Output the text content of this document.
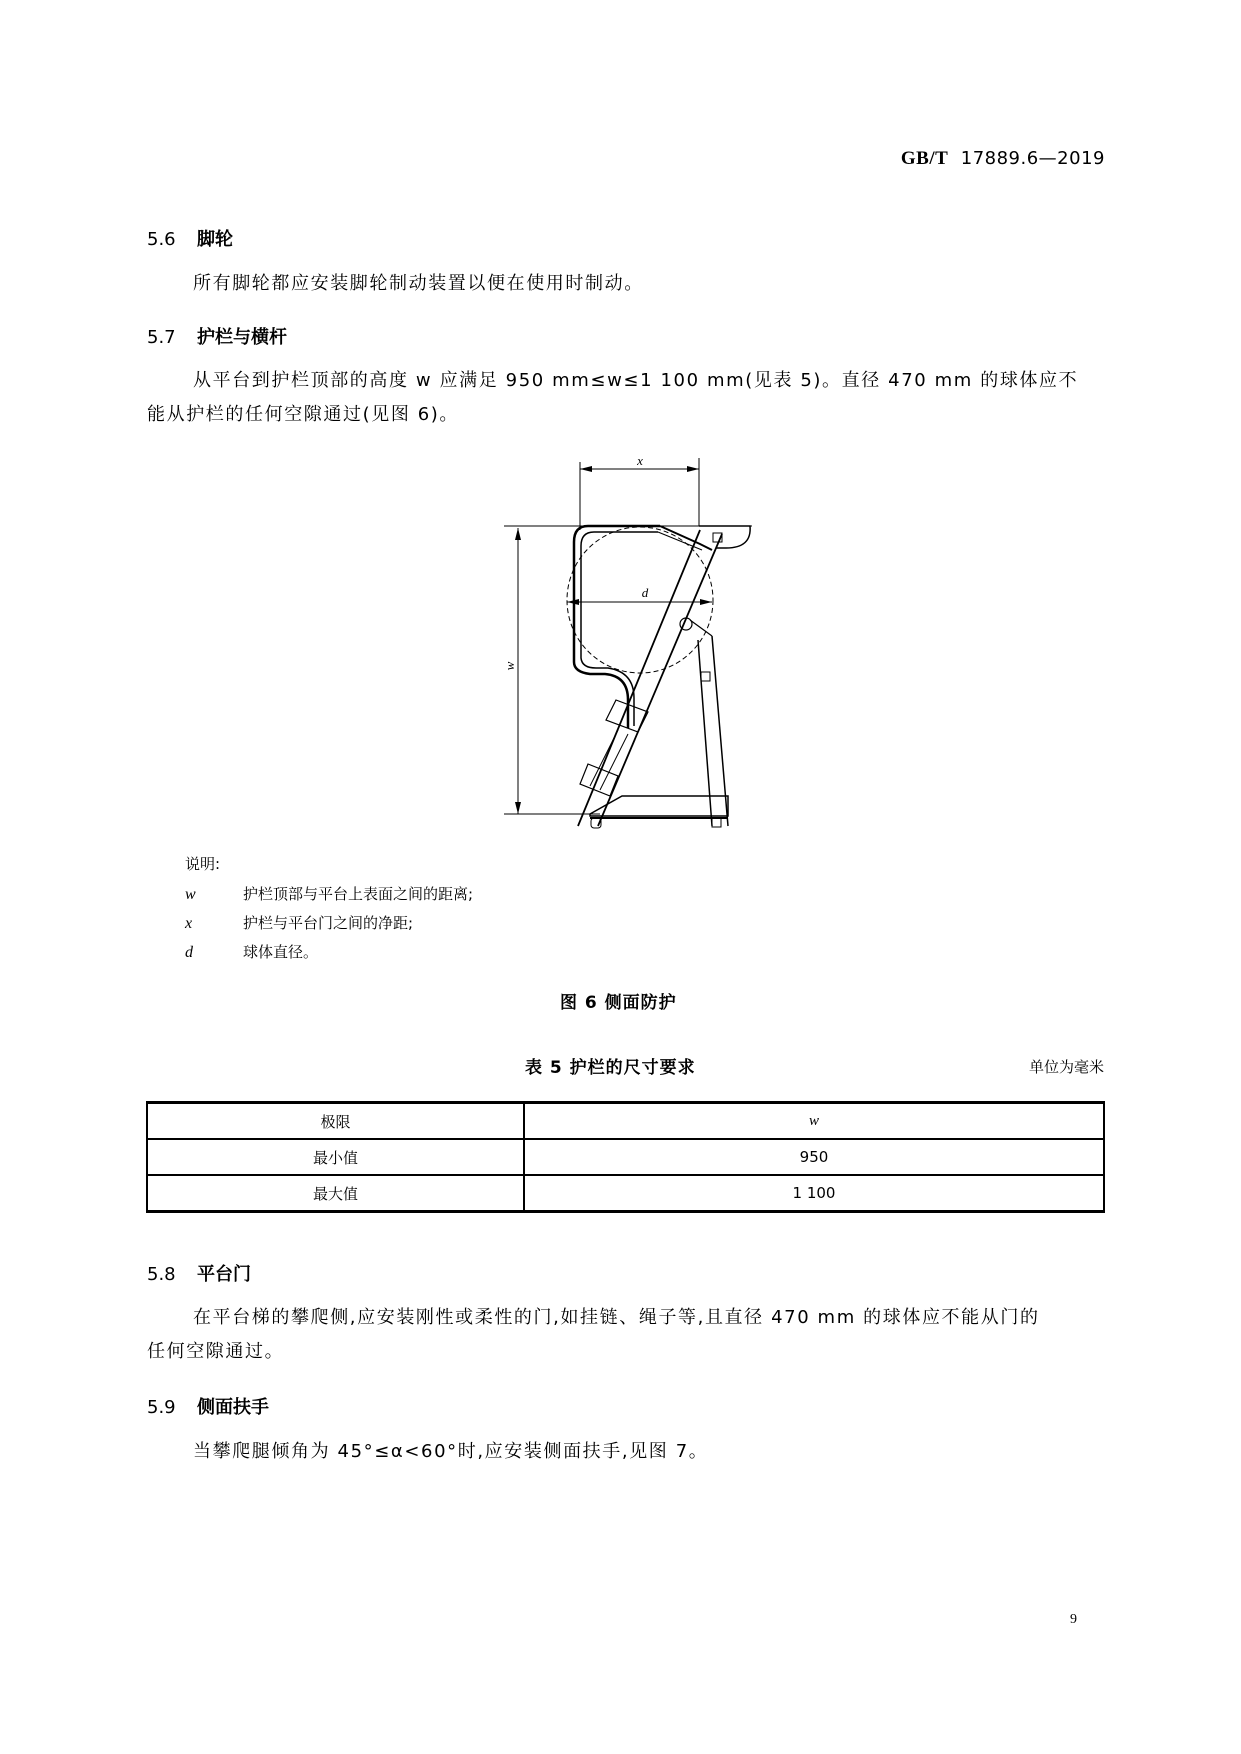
GB/T 17889.6—2019
5.6 脚轮
所有脚轮都应安装脚轮制动装置以便在使用时制动。
5.7 护栏与横杆
从平台到护栏顶部的高度 w 应满足 950 mm≤w≤1 100 mm(见表 5)。直径 470 mm 的球体应不
能从护栏的任何空隙通过(见图 6)。
x
w
d
说明:
w	护栏顶部与平台上表面之间的距离;
x	护栏与平台门之间的净距;
d	球体直径。
图 6 侧面防护
表 5 护栏的尺寸要求	单位为毫米
极限	w
最小值	950
最大值	1 100
5.8 平台门
在平台梯的攀爬侧,应安装刚性或柔性的门,如挂链、绳子等,且直径 470 mm 的球体应不能从门的
任何空隙通过。
5.9 侧面扶手
当攀爬腿倾角为 45°≤α<60°时,应安装侧面扶手,见图 7。
9
